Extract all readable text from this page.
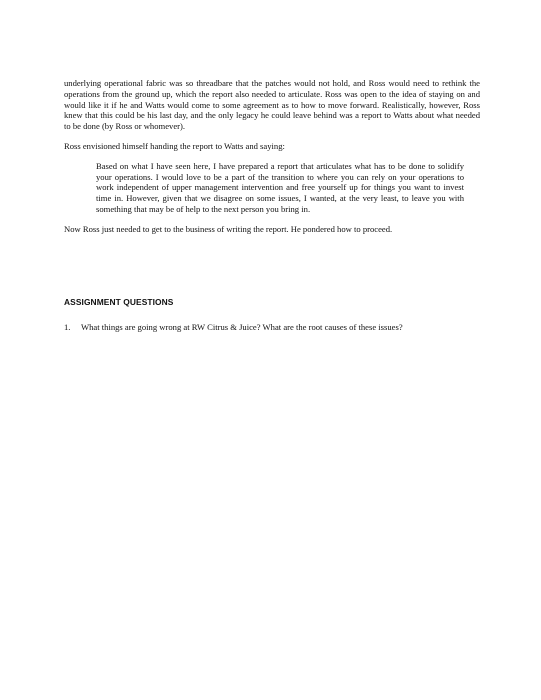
underlying operational fabric was so threadbare that the patches would not hold, and Ross would need to rethink the operations from the ground up, which the report also needed to articulate. Ross was open to the idea of staying on and would like it if he and Watts would come to some agreement as to how to move forward. Realistically, however, Ross knew that this could be his last day, and the only legacy he could leave behind was a report to Watts about what needed to be done (by Ross or whomever).

Ross envisioned himself handing the report to Watts and saying:

Based on what I have seen here, I have prepared a report that articulates what has to be done to solidify your operations. I would love to be a part of the transition to where you can rely on your operations to work independent of upper management intervention and free yourself up for things you want to invest time in. However, given that we disagree on some issues, I wanted, at the very least, to leave you with something that may be of help to the next person you bring in.

Now Ross just needed to get to the business of writing the report. He pondered how to proceed.

ASSIGNMENT QUESTIONS
1.	What things are going wrong at RW Citrus & Juice? What are the root causes of these issues?
